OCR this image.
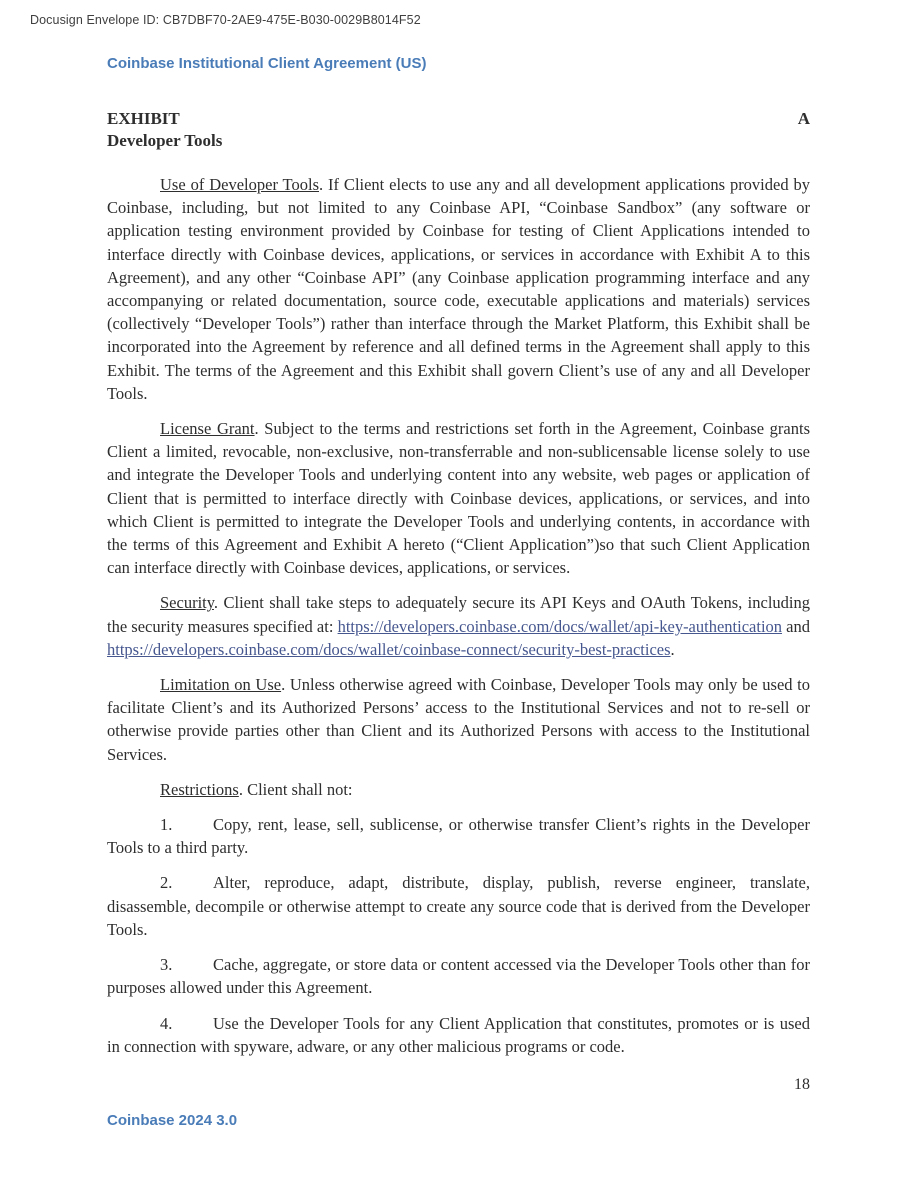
Docusign Envelope ID: CB7DBF70-2AE9-475E-B030-0029B8014F52
Coinbase Institutional Client Agreement (US)
EXHIBIT	A
Developer Tools

Use of Developer Tools. If Client elects to use any and all development applications provided by Coinbase, including, but not limited to any Coinbase API, “Coinbase Sandbox” (any software or application testing environment provided by Coinbase for testing of Client Applications intended to interface directly with Coinbase devices, applications, or services in accordance with Exhibit A to this Agreement), and any other “Coinbase API” (any Coinbase application programming interface and any accompanying or related documentation, source code, executable applications and materials) services (collectively “Developer Tools”) rather than interface through the Market Platform, this Exhibit shall be incorporated into the Agreement by reference and all defined terms in the Agreement shall apply to this Exhibit. The terms of the Agreement and this Exhibit shall govern Client’s use of any and all Developer Tools.

License Grant. Subject to the terms and restrictions set forth in the Agreement, Coinbase grants Client a limited, revocable, non-exclusive, non-transferrable and non-sublicensable license solely to use and integrate the Developer Tools and underlying content into any website, web pages or application of Client that is permitted to interface directly with Coinbase devices, applications, or services, and into which Client is permitted to integrate the Developer Tools and underlying contents, in accordance with the terms of this Agreement and Exhibit A hereto (“Client Application”)so that such Client Application can interface directly with Coinbase devices, applications, or services.

Security. Client shall take steps to adequately secure its API Keys and OAuth Tokens, including the security measures specified at: https://developers.coinbase.com/docs/wallet/api-key-authentication and https://developers.coinbase.com/docs/wallet/coinbase-connect/security-best-practices.

Limitation on Use. Unless otherwise agreed with Coinbase, Developer Tools may only be used to facilitate Client’s and its Authorized Persons’ access to the Institutional Services and not to re-sell or otherwise provide parties other than Client and its Authorized Persons with access to the Institutional Services.

Restrictions. Client shall not:

1. Copy, rent, lease, sell, sublicense, or otherwise transfer Client’s rights in the Developer Tools to a third party.

2. Alter, reproduce, adapt, distribute, display, publish, reverse engineer, translate, disassemble, decompile or otherwise attempt to create any source code that is derived from the Developer Tools.

3. Cache, aggregate, or store data or content accessed via the Developer Tools other than for purposes allowed under this Agreement.

4. Use the Developer Tools for any Client Application that constitutes, promotes or is used in connection with spyware, adware, or any other malicious programs or code.

18
Coinbase 2024 3.0
